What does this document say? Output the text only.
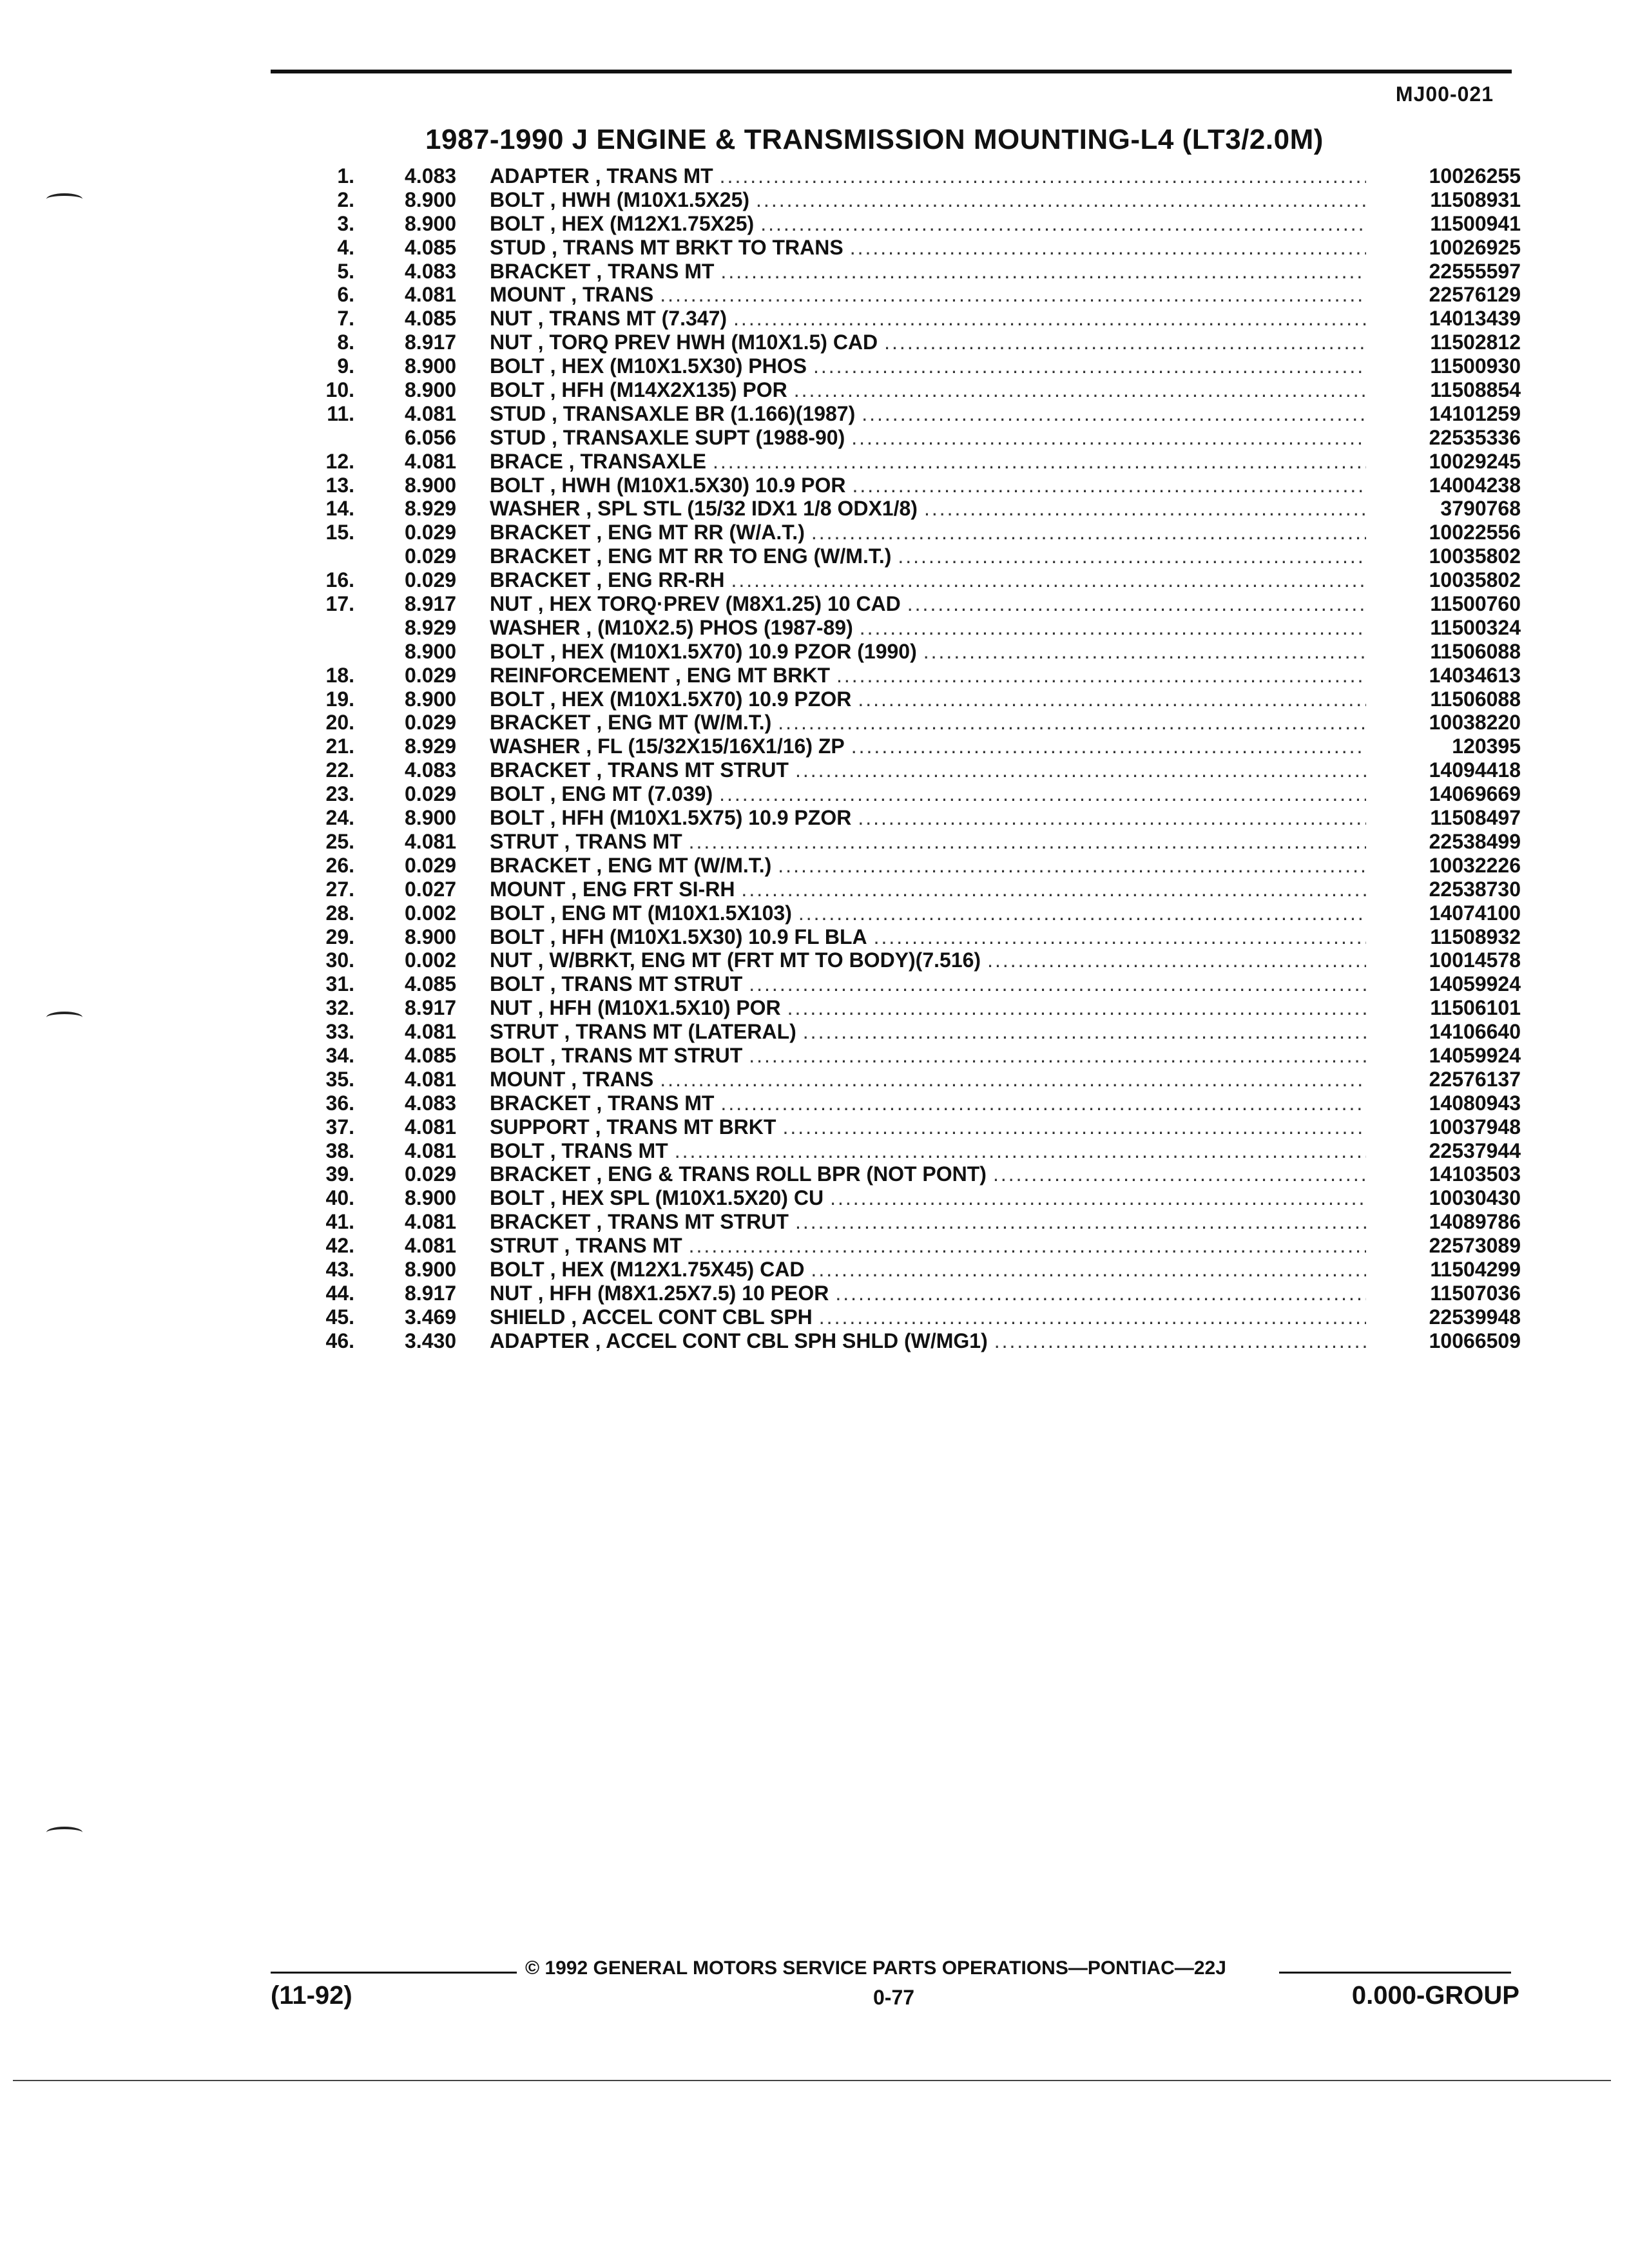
MJ00-021
1987-1990 J ENGINE & TRANSMISSION MOUNTING-L4 (LT3/2.0M)
1. 4.083 ADAPTER , TRANS MT .....	10026255
2. 8.900 BOLT , HWH (M10X1.5X25) .....	11508931
3. 8.900 BOLT , HEX (M12X1.75X25) .....	11500941
4. 4.085 STUD , TRANS MT BRKT TO TRANS .....	10026925
5. 4.083 BRACKET , TRANS MT .....	22555597
6. 4.081 MOUNT , TRANS .....	22576129
7. 4.085 NUT , TRANS MT (7.347) .....	14013439
8. 8.917 NUT , TORQ PREV HWH (M10X1.5) CAD .....	11502812
9. 8.900 BOLT , HEX (M10X1.5X30) PHOS .....	11500930
10. 8.900 BOLT , HFH (M14X2X135) POR .....	11508854
11. 4.081 STUD , TRANSAXLE BR (1.166)(1987) .....	14101259
6.056 STUD , TRANSAXLE SUPT (1988-90) .....	22535336
12. 4.081 BRACE , TRANSAXLE .....	10029245
13. 8.900 BOLT , HWH (M10X1.5X30) 10.9 POR .....	14004238
14. 8.929 WASHER , SPL STL (15/32 IDX1 1/8 ODX1/8) .....	3790768
15. 0.029 BRACKET , ENG MT RR (W/A.T.) .....	10022556
0.029 BRACKET , ENG MT RR TO ENG (W/M.T.) .....	10035802
16. 0.029 BRACKET , ENG RR-RH .....	10035802
17. 8.917 NUT , HEX TORQ·PREV (M8X1.25) 10 CAD .....	11500760
8.929 WASHER , (M10X2.5) PHOS (1987-89) .....	11500324
8.900 BOLT , HEX (M10X1.5X70) 10.9 PZOR (1990) .....	11506088
18. 0.029 REINFORCEMENT , ENG MT BRKT .....	14034613
19. 8.900 BOLT , HEX (M10X1.5X70) 10.9 PZOR .....	11506088
20. 0.029 BRACKET , ENG MT (W/M.T.) .....	10038220
21. 8.929 WASHER , FL (15/32X15/16X1/16) ZP .....	120395
22. 4.083 BRACKET , TRANS MT STRUT .....	14094418
23. 0.029 BOLT , ENG MT (7.039) .....	14069669
24. 8.900 BOLT , HFH (M10X1.5X75) 10.9 PZOR .....	11508497
25. 4.081 STRUT , TRANS MT .....	22538499
26. 0.029 BRACKET , ENG MT (W/M.T.) .....	10032226
27. 0.027 MOUNT , ENG FRT SI-RH .....	22538730
28. 0.002 BOLT , ENG MT (M10X1.5X103) .....	14074100
29. 8.900 BOLT , HFH (M10X1.5X30) 10.9 FL BLA .....	11508932
30. 0.002 NUT , W/BRKT, ENG MT (FRT MT TO BODY)(7.516) .....	10014578
31. 4.085 BOLT , TRANS MT STRUT .....	14059924
32. 8.917 NUT , HFH (M10X1.5X10) POR .....	11506101
33. 4.081 STRUT , TRANS MT (LATERAL) .....	14106640
34. 4.085 BOLT , TRANS MT STRUT .....	14059924
35. 4.081 MOUNT , TRANS .....	22576137
36. 4.083 BRACKET , TRANS MT .....	14080943
37. 4.081 SUPPORT , TRANS MT BRKT .....	10037948
38. 4.081 BOLT , TRANS MT .....	22537944
39. 0.029 BRACKET , ENG & TRANS ROLL BPR (NOT PONT) .....	14103503
40. 8.900 BOLT , HEX SPL (M10X1.5X20) CU .....	10030430
41. 4.081 BRACKET , TRANS MT STRUT .....	14089786
42. 4.081 STRUT , TRANS MT .....	22573089
43. 8.900 BOLT , HEX (M12X1.75X45) CAD .....	11504299
44. 8.917 NUT , HFH (M8X1.25X7.5) 10 PEOR .....	11507036
45. 3.469 SHIELD , ACCEL CONT CBL SPH .....	22539948
46. 3.430 ADAPTER , ACCEL CONT CBL SPH SHLD (W/MG1) .....	10066509
© 1992 GENERAL MOTORS SERVICE PARTS OPERATIONS—PONTIAC—22J
(11-92)	0-77	0.000-GROUP
